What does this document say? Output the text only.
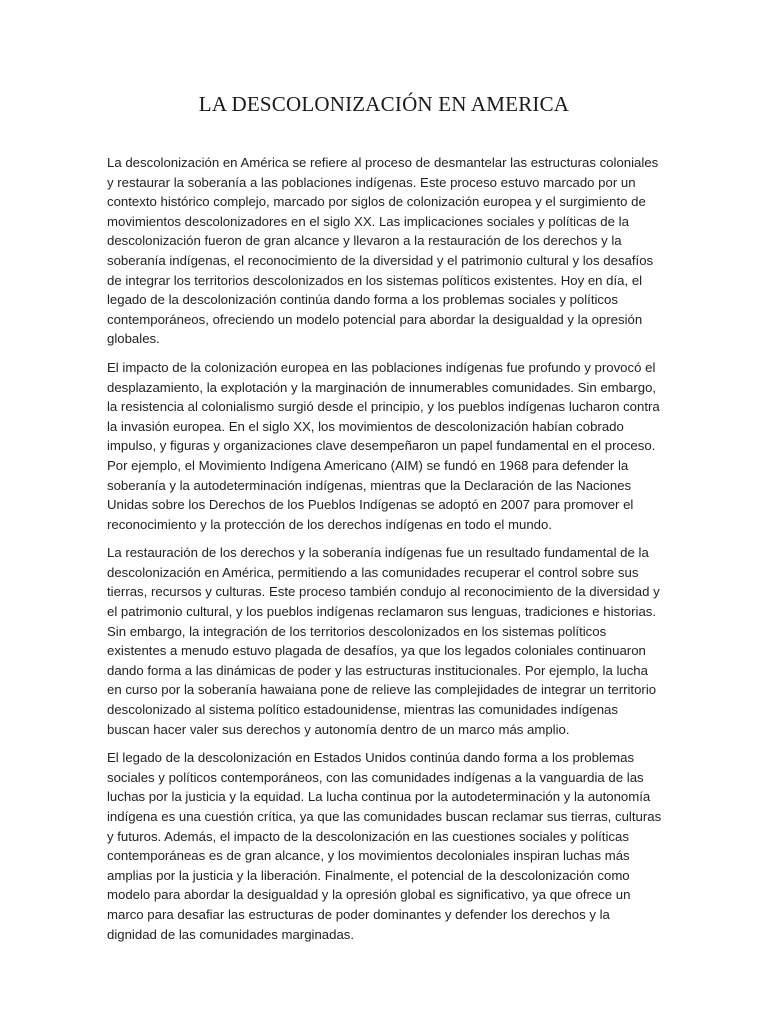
LA DESCOLONIZACIÓN EN AMERICA

La descolonización en América se refiere al proceso de desmantelar las estructuras coloniales y restaurar la soberanía a las poblaciones indígenas. Este proceso estuvo marcado por un contexto histórico complejo, marcado por siglos de colonización europea y el surgimiento de movimientos descolonizadores en el siglo XX. Las implicaciones sociales y políticas de la descolonización fueron de gran alcance y llevaron a la restauración de los derechos y la soberanía indígenas, el reconocimiento de la diversidad y el patrimonio cultural y los desafíos de integrar los territorios descolonizados en los sistemas políticos existentes. Hoy en día, el legado de la descolonización continúa dando forma a los problemas sociales y políticos contemporáneos, ofreciendo un modelo potencial para abordar la desigualdad y la opresión globales.

El impacto de la colonización europea en las poblaciones indígenas fue profundo y provocó el desplazamiento, la explotación y la marginación de innumerables comunidades. Sin embargo, la resistencia al colonialismo surgió desde el principio, y los pueblos indígenas lucharon contra la invasión europea. En el siglo XX, los movimientos de descolonización habían cobrado impulso, y figuras y organizaciones clave desempeñaron un papel fundamental en el proceso. Por ejemplo, el Movimiento Indígena Americano (AIM) se fundó en 1968 para defender la soberanía y la autodeterminación indígenas, mientras que la Declaración de las Naciones Unidas sobre los Derechos de los Pueblos Indígenas se adoptó en 2007 para promover el reconocimiento y la protección de los derechos indígenas en todo el mundo.

La restauración de los derechos y la soberanía indígenas fue un resultado fundamental de la descolonización en América, permitiendo a las comunidades recuperar el control sobre sus tierras, recursos y culturas. Este proceso también condujo al reconocimiento de la diversidad y el patrimonio cultural, y los pueblos indígenas reclamaron sus lenguas, tradiciones e historias. Sin embargo, la integración de los territorios descolonizados en los sistemas políticos existentes a menudo estuvo plagada de desafíos, ya que los legados coloniales continuaron dando forma a las dinámicas de poder y las estructuras institucionales. Por ejemplo, la lucha en curso por la soberanía hawaiana pone de relieve las complejidades de integrar un territorio descolonizado al sistema político estadounidense, mientras las comunidades indígenas buscan hacer valer sus derechos y autonomía dentro de un marco más amplio.

El legado de la descolonización en Estados Unidos continúa dando forma a los problemas sociales y políticos contemporáneos, con las comunidades indígenas a la vanguardia de las luchas por la justicia y la equidad. La lucha continua por la autodeterminación y la autonomía indígena es una cuestión crítica, ya que las comunidades buscan reclamar sus tierras, culturas y futuros. Además, el impacto de la descolonización en las cuestiones sociales y políticas contemporáneas es de gran alcance, y los movimientos decoloniales inspiran luchas más amplias por la justicia y la liberación. Finalmente, el potencial de la descolonización como modelo para abordar la desigualdad y la opresión global es significativo, ya que ofrece un marco para desafiar las estructuras de poder dominantes y defender los derechos y la dignidad de las comunidades marginadas.
